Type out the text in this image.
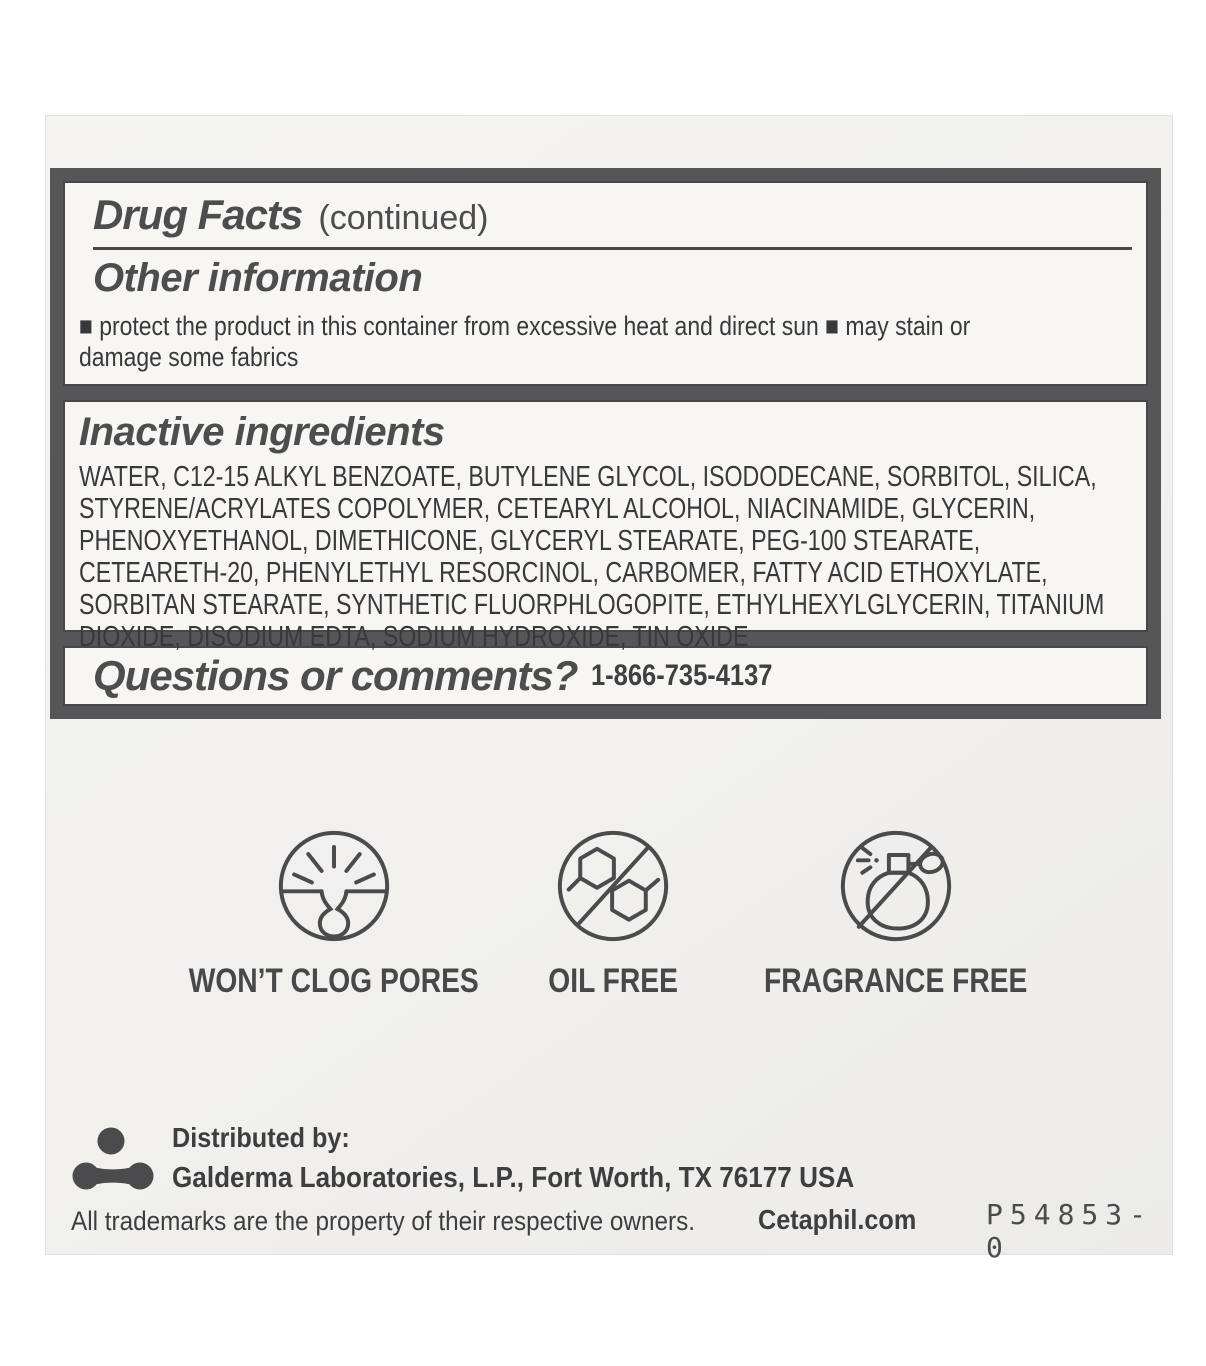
Drug Facts (continued)
Other information
■ protect the product in this container from excessive heat and direct sun ■ may stain or
damage some fabrics
Inactive ingredients
WATER, C12-15 ALKYL BENZOATE, BUTYLENE GLYCOL, ISODODECANE, SORBITOL, SILICA,
STYRENE/ACRYLATES COPOLYMER, CETEARYL ALCOHOL, NIACINAMIDE, GLYCERIN,
PHENOXYETHANOL, DIMETHICONE, GLYCERYL STEARATE, PEG-100 STEARATE,
CETEARETH-20, PHENYLETHYL RESORCINOL, CARBOMER, FATTY ACID ETHOXYLATE,
SORBITAN STEARATE, SYNTHETIC FLUORPHLOGOPITE, ETHYLHEXYLGLYCERIN, TITANIUM
DIOXIDE, DISODIUM EDTA, SODIUM HYDROXIDE, TIN OXIDE
Questions or comments? 1-866-735-4137
WON’T CLOG PORES	OIL FREE	FRAGRANCE FREE
Distributed by:
Galderma Laboratories, L.P., Fort Worth, TX 76177 USA
All trademarks are the property of their respective owners.	Cetaphil.com	P54853-0
